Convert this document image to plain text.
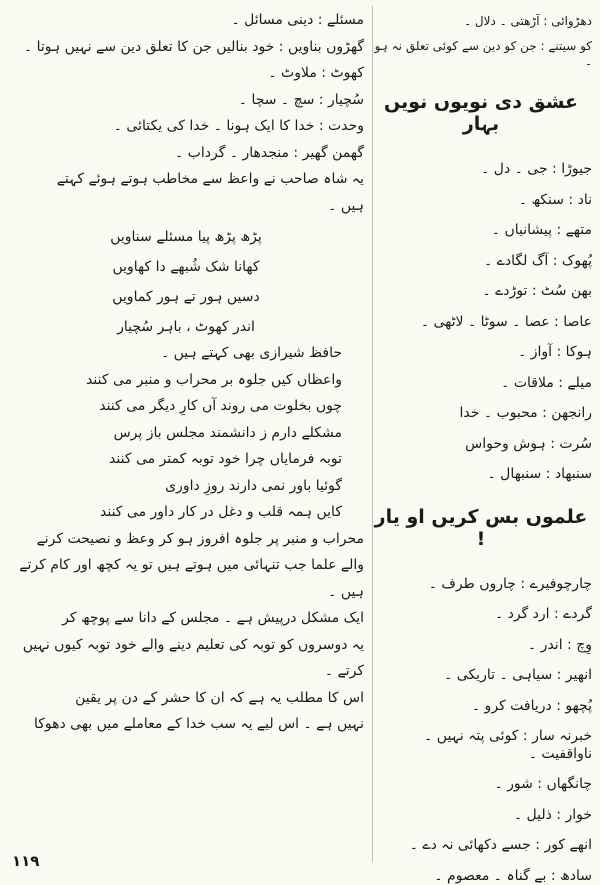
دھڑوائی : آڑھتی ۔ دلال ۔

کو سیتنے : جن کو دین سے کوئی تعلق نہ ہو ۔

عشق دی نویوں نویں بہار

جیوڑا : جی ۔ دل ۔

ناد : سنکھ ۔

متھے : پیشانیاں ۔

پُھوک : آگ لگادے ۔

بھن سُٹ : توڑدے ۔

عاصا : عصا ۔ سوٹا ۔ لاٹھی ۔

ہوکا : آواز ۔

میلے : ملاقات ۔

رانجھن : محبوب ۔ خدا

سُرت : ہوش وحواس

سنبھاد : سنبھال ۔

علموں بس کریں او یار !

چارچوفیرے : چاروں طرف ۔

گردے : ارد گرد ۔

وِچ : اندر ۔

انھیر : سیاہی ۔ تاریکی ۔

پُچھو : دریافت کرو ۔

خبرنہ سار : کوئی پتہ نہیں ۔ ناواقفیت ۔

چانگھاں : شور ۔

خوار : ذلیل ۔

انھے کور : جسے دکھائی نہ دے ۔

سادھ : بے گناہ ۔ معصوم ۔

مسئلے : دینی مسائل ۔

گھڑوں بناویں : خود بنالیں جن کا تعلق دین سے نہیں ہوتا ۔

کھوٹ : ملاوٹ ۔

سُچیار : سچ ۔ سچا ۔

وحدت : خدا کا ایک ہونا ۔ خدا کی یکتائی ۔

گھمن گھیر : منجدھار ۔ گرداب ۔

یہ شاہ صاحب نے واعظ سے مخاطب ہوتے ہوئے کہتے

ہیں ۔

پڑھ پڑھ پیا مسئلے سناویں

کھانا شک شُبھے دا کھاویں

دسیں ہور تے ہور کماویں

اندر کھوٹ ، باہر سُچیار

حافظ شیرازی بھی کہتے ہیں ۔

واعظاں کیں جلوہ بر محراب و منبر می کنند

چوں بخلوت می روند آں کارِ دیگر می کنند

مشکلے دارم ز دانشمند مجلس باز پرس

توبہ فرمایاں چرا خود توبہ کمتر می کنند

گوئیا باور نمی دارند روزِ داوری

کایں ہمہ قلب و دغل در کار داور می کنند

محراب و منبر پر جلوہ افروز ہو کر وعظ و نصیحت کرنے

والے علما جب تنہائی میں ہوتے ہیں تو یہ کچھ اور کام کرتے

ہیں ۔

ایک مشکل درپیش ہے ۔ مجلس کے دانا سے پوچھ کر

یہ دوسروں کو توبہ کی تعلیم دینے والے خود توبہ کیوں نہیں

کرتے ۔

اس کا مطلب یہ ہے کہ ان کا حشر کے دن پر یقین

نہیں ہے ۔ اس لیے یہ سب خدا کے معاملے میں بھی دھوکا

۱۱۹
